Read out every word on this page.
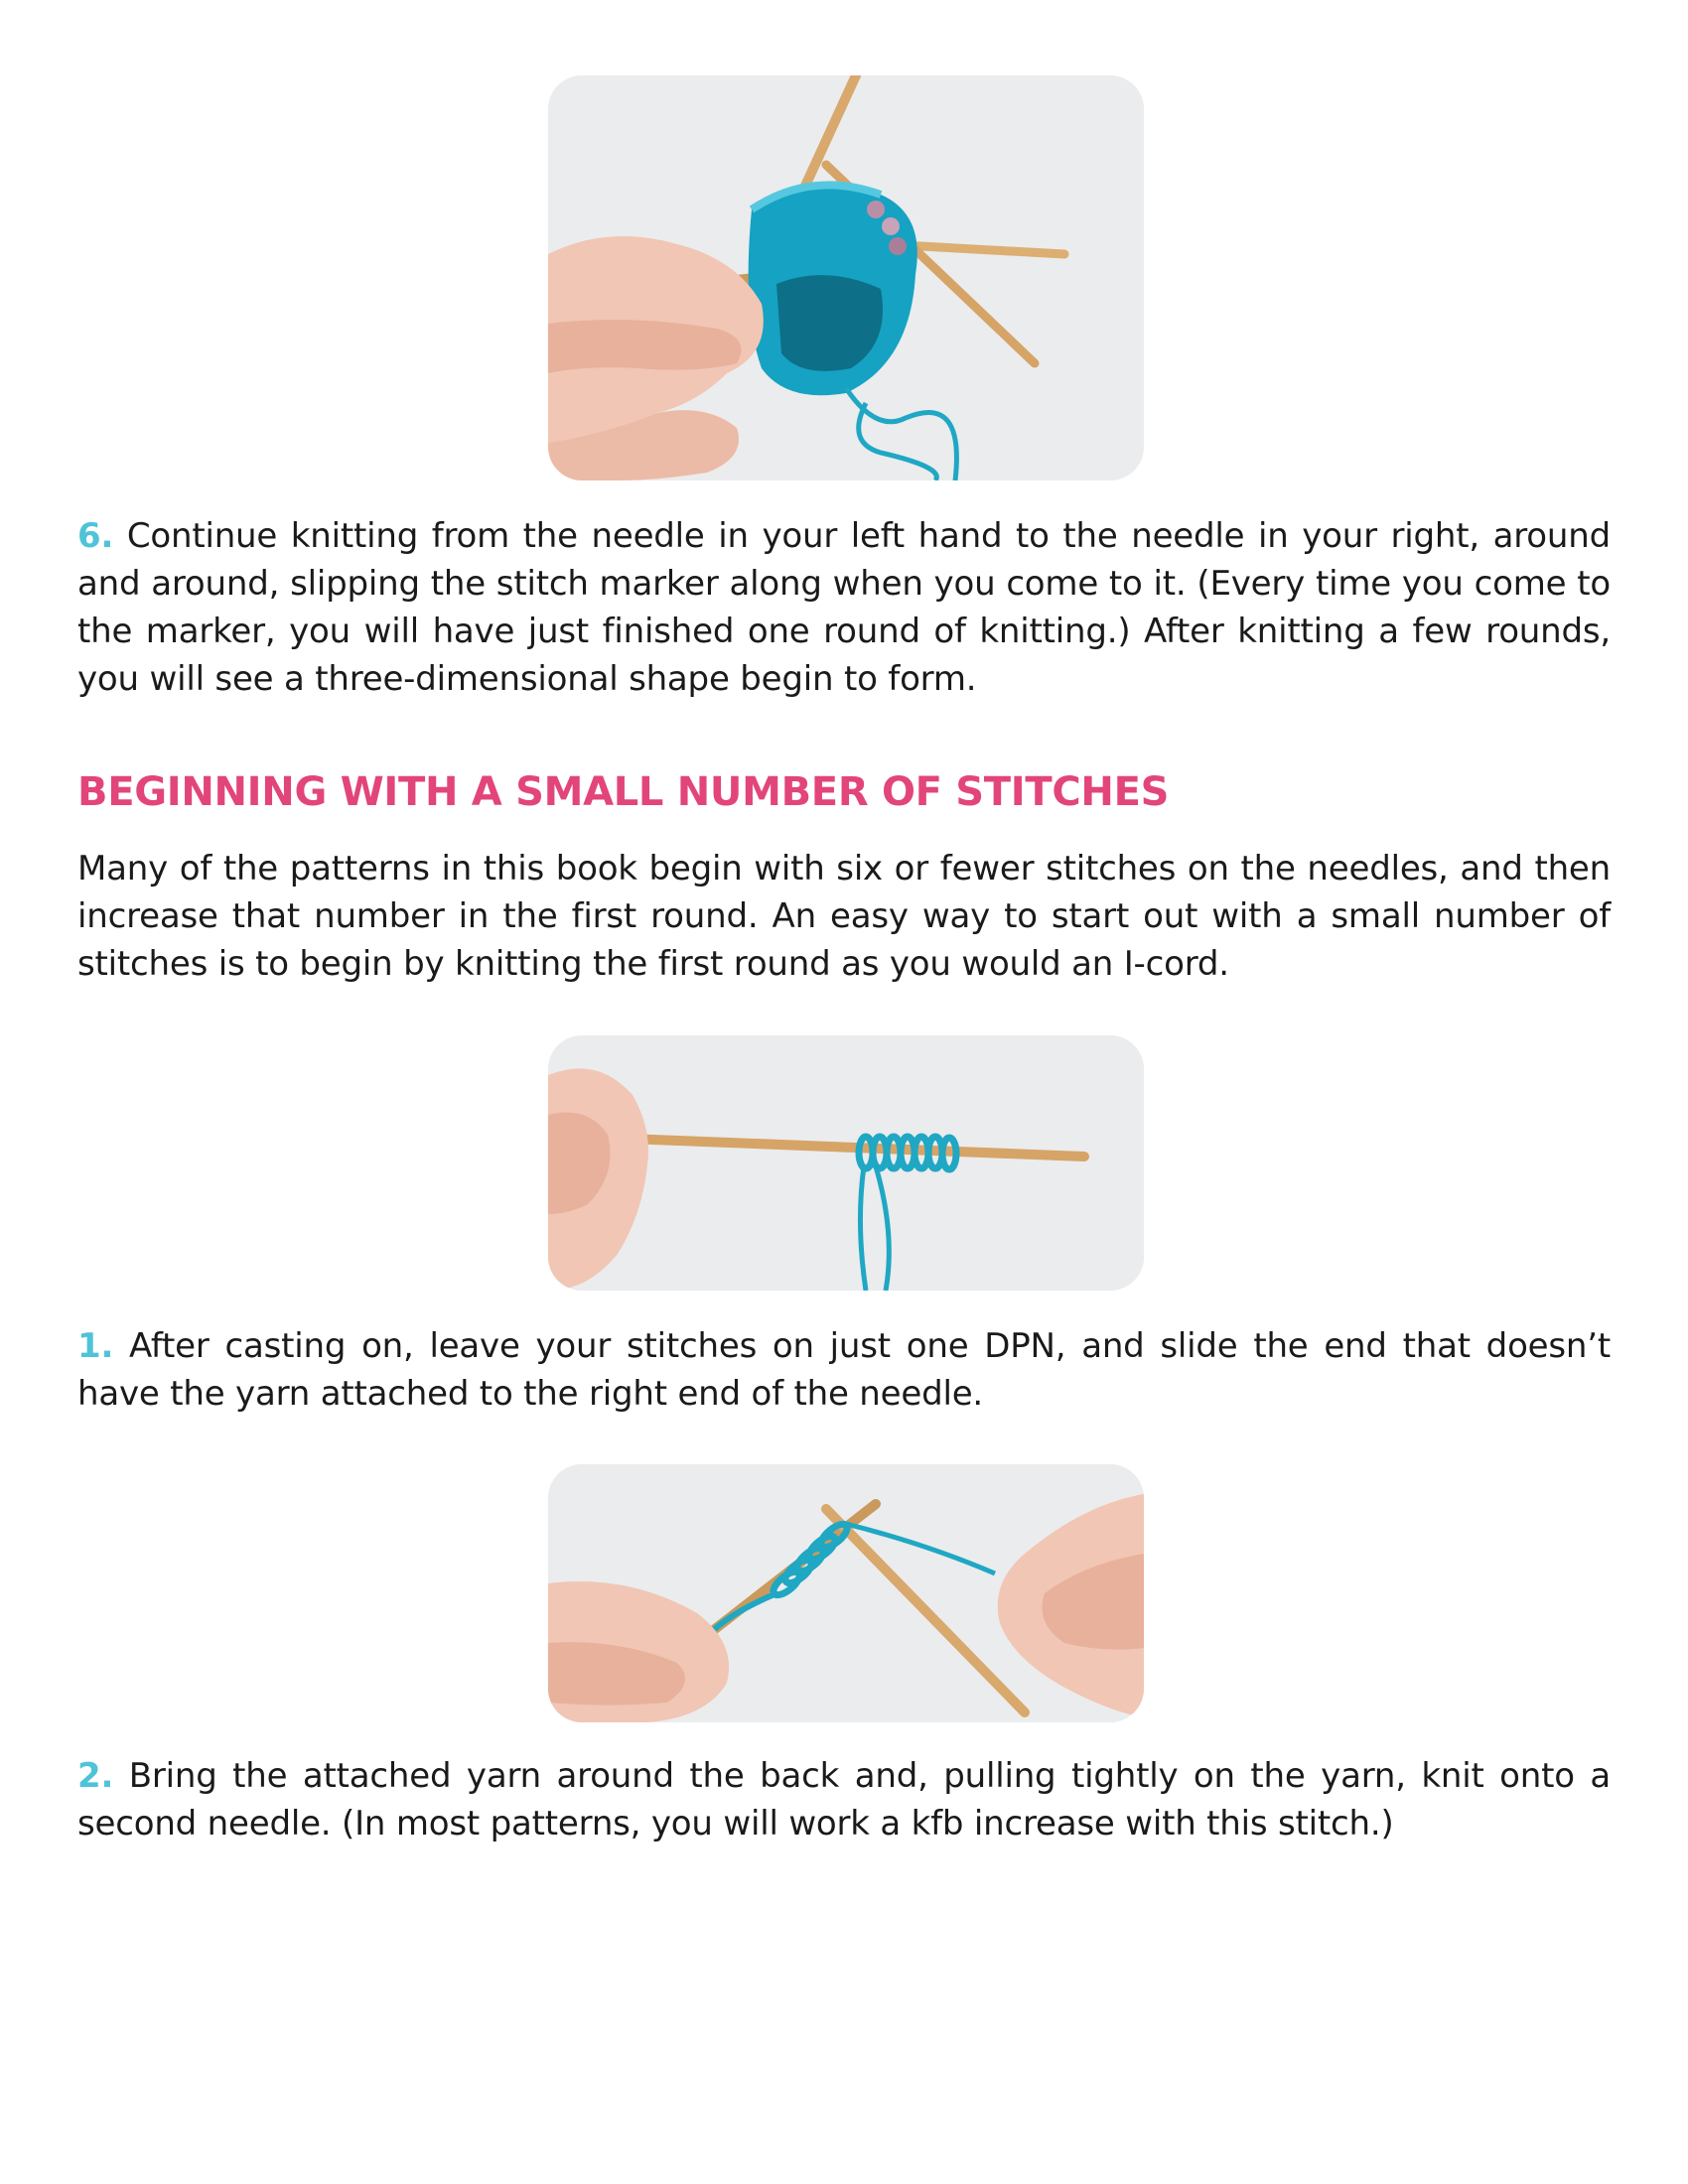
6. Continue knitting from the needle in your left hand to the needle in your right, around and around, slipping the stitch marker along when you come to it. (Every time you come to the marker, you will have just finished one round of knitting.) After knitting a few rounds, you will see a three-dimensional shape begin to form.

BEGINNING WITH A SMALL NUMBER OF STITCHES

Many of the patterns in this book begin with six or fewer stitches on the needles, and then increase that number in the first round. An easy way to start out with a small number of stitches is to begin by knitting the first round as you would an I-cord.

1. After casting on, leave your stitches on just one DPN, and slide the end that doesn’t have the yarn attached to the right end of the needle.

2. Bring the attached yarn around the back and, pulling tightly on the yarn, knit onto a second needle. (In most patterns, you will work a kfb increase with this stitch.)
